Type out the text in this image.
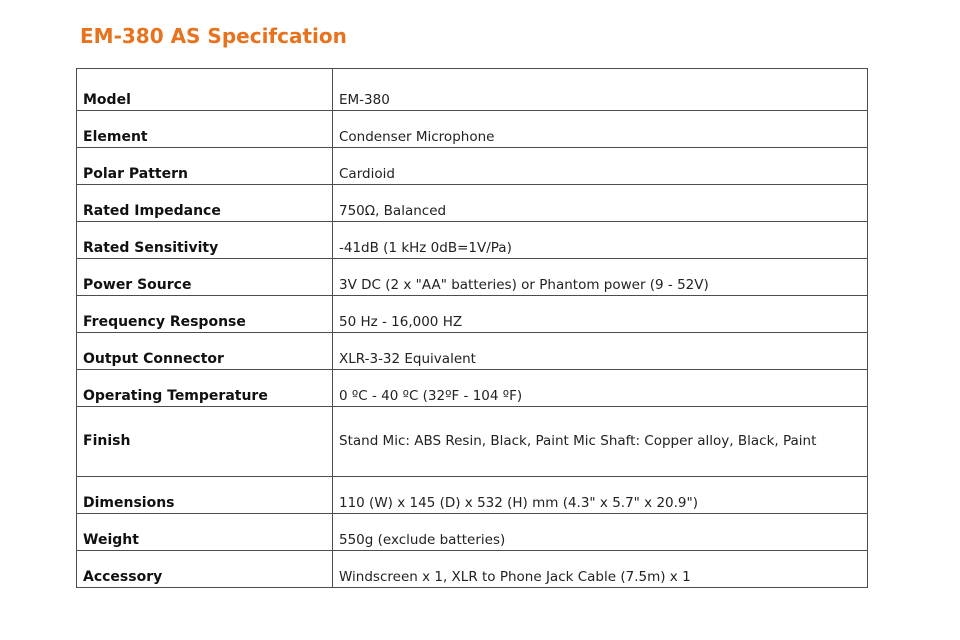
EM-380 AS Specifcation
Model	EM-380
Element	Condenser Microphone
Polar Pattern	Cardioid
Rated Impedance	750Ω, Balanced
Rated Sensitivity	-41dB (1 kHz 0dB=1V/Pa)
Power Source	3V DC (2 x "AA" batteries) or Phantom power (9 - 52V)
Frequency Response	50 Hz - 16,000 HZ
Output Connector	XLR-3-32 Equivalent
Operating Temperature	0 ºC - 40 ºC (32ºF - 104 ºF)
Finish	Stand Mic: ABS Resin, Black, Paint Mic Shaft: Copper alloy, Black, Paint
Dimensions	110 (W) x 145 (D) x 532 (H) mm (4.3" x 5.7" x 20.9")
Weight	550g (exclude batteries)
Accessory	Windscreen x 1, XLR to Phone Jack Cable (7.5m) x 1
